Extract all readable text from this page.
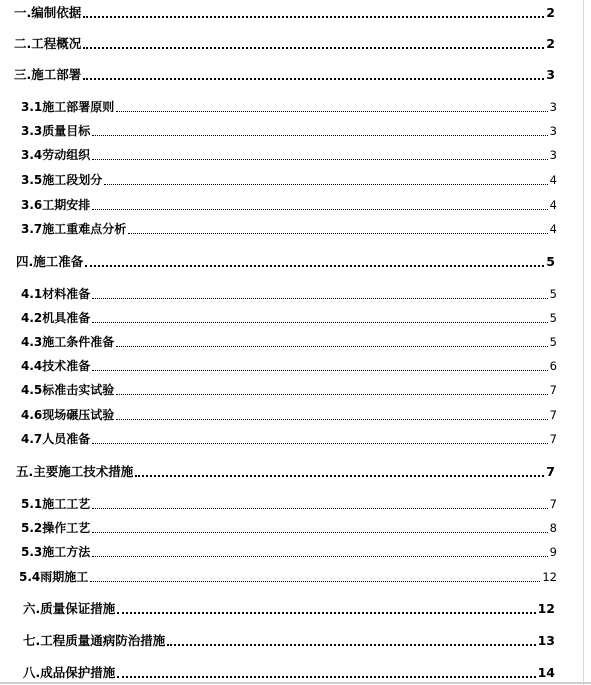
一.编制依据	2
二.工程概况	2
三.施工部署	3
3.1施工部署原则	3
3.3质量目标	3
3.4劳动组织	3
3.5施工段划分	4
3.6工期安排	4
3.7施工重难点分析	4
四.施工准备	5
4.1材料准备	5
4.2机具准备	5
4.3施工条件准备	5
4.4技术准备	6
4.5标准击实试验	7
4.6现场碾压试验	7
4.7人员准备	7
五.主要施工技术措施	7
5.1施工工艺	7
5.2操作工艺	8
5.3施工方法	9
5.4雨期施工	12
六.质量保证措施	12
七.工程质量通病防治措施	13
八.成品保护措施	14
